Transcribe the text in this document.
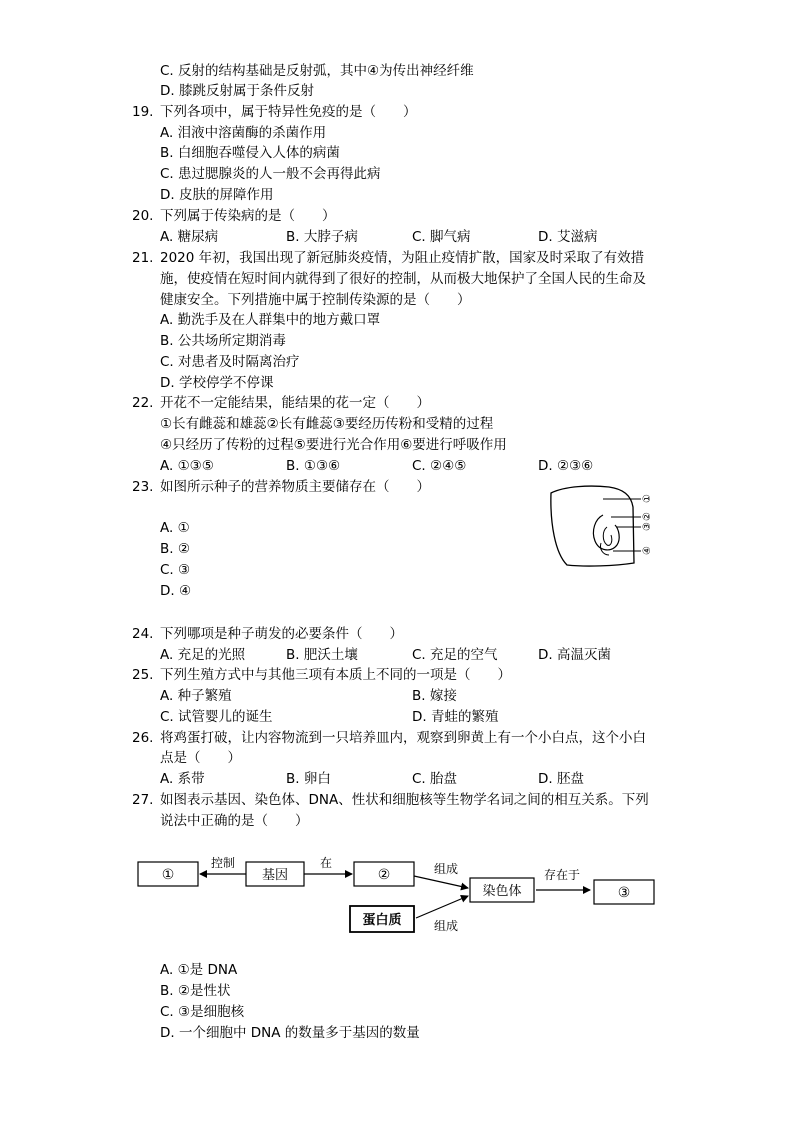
C. 反射的结构基础是反射弧，其中④为传出神经纤维
D. 膝跳反射属于条件反射
19. 下列各项中，属于特异性免疫的是（　　）
A. 泪液中溶菌酶的杀菌作用
B. 白细胞吞噬侵入人体的病菌
C. 患过腮腺炎的人一般不会再得此病
D. 皮肤的屏障作用
20. 下列属于传染病的是（　　）
A. 糖尿病	B. 大脖子病	C. 脚气病	D. 艾滋病
21. 2020 年初，我国出现了新冠肺炎疫情，为阻止疫情扩散，国家及时采取了有效措
施，使疫情在短时间内就得到了很好的控制，从而极大地保护了全国人民的生命及
健康安全。下列措施中属于控制传染源的是（　　）
A. 勤洗手及在人群集中的地方戴口罩
B. 公共场所定期消毒
C. 对患者及时隔离治疗
D. 学校停学不停课
22. 开花不一定能结果，能结果的花一定（　　）
①长有雌蕊和雄蕊②长有雌蕊③要经历传粉和受精的过程
④只经历了传粉的过程⑤要进行光合作用⑥要进行呼吸作用
A. ①③⑤	B. ①③⑥	C. ②④⑤	D. ②③⑥
23. 如图所示种子的营养物质主要储存在（　　）
A. ①
B. ②
C. ③
D. ④
①
②
③
④
24. 下列哪项是种子萌发的必要条件（　　）
A. 充足的光照	B. 肥沃土壤	C. 充足的空气	D. 高温灭菌
25. 下列生殖方式中与其他三项有本质上不同的一项是（　　）
A. 种子繁殖	B. 嫁接
C. 试管婴儿的诞生	D. 青蛙的繁殖
26. 将鸡蛋打破，让内容物流到一只培养皿内，观察到卵黄上有一个小白点，这个小白
点是（　　）
A. 系带	B. 卵白	C. 胎盘	D. 胚盘
27. 如图表示基因、染色体、DNA、性状和细胞核等生物学名词之间的相互关系。下列
说法中正确的是（　　）
①	基因	②
染色体	③
蛋白质
控制	在	组成
组成
存在于
A. ①是 DNA
B. ②是性状
C. ③是细胞核
D. 一个细胞中 DNA 的数量多于基因的数量
